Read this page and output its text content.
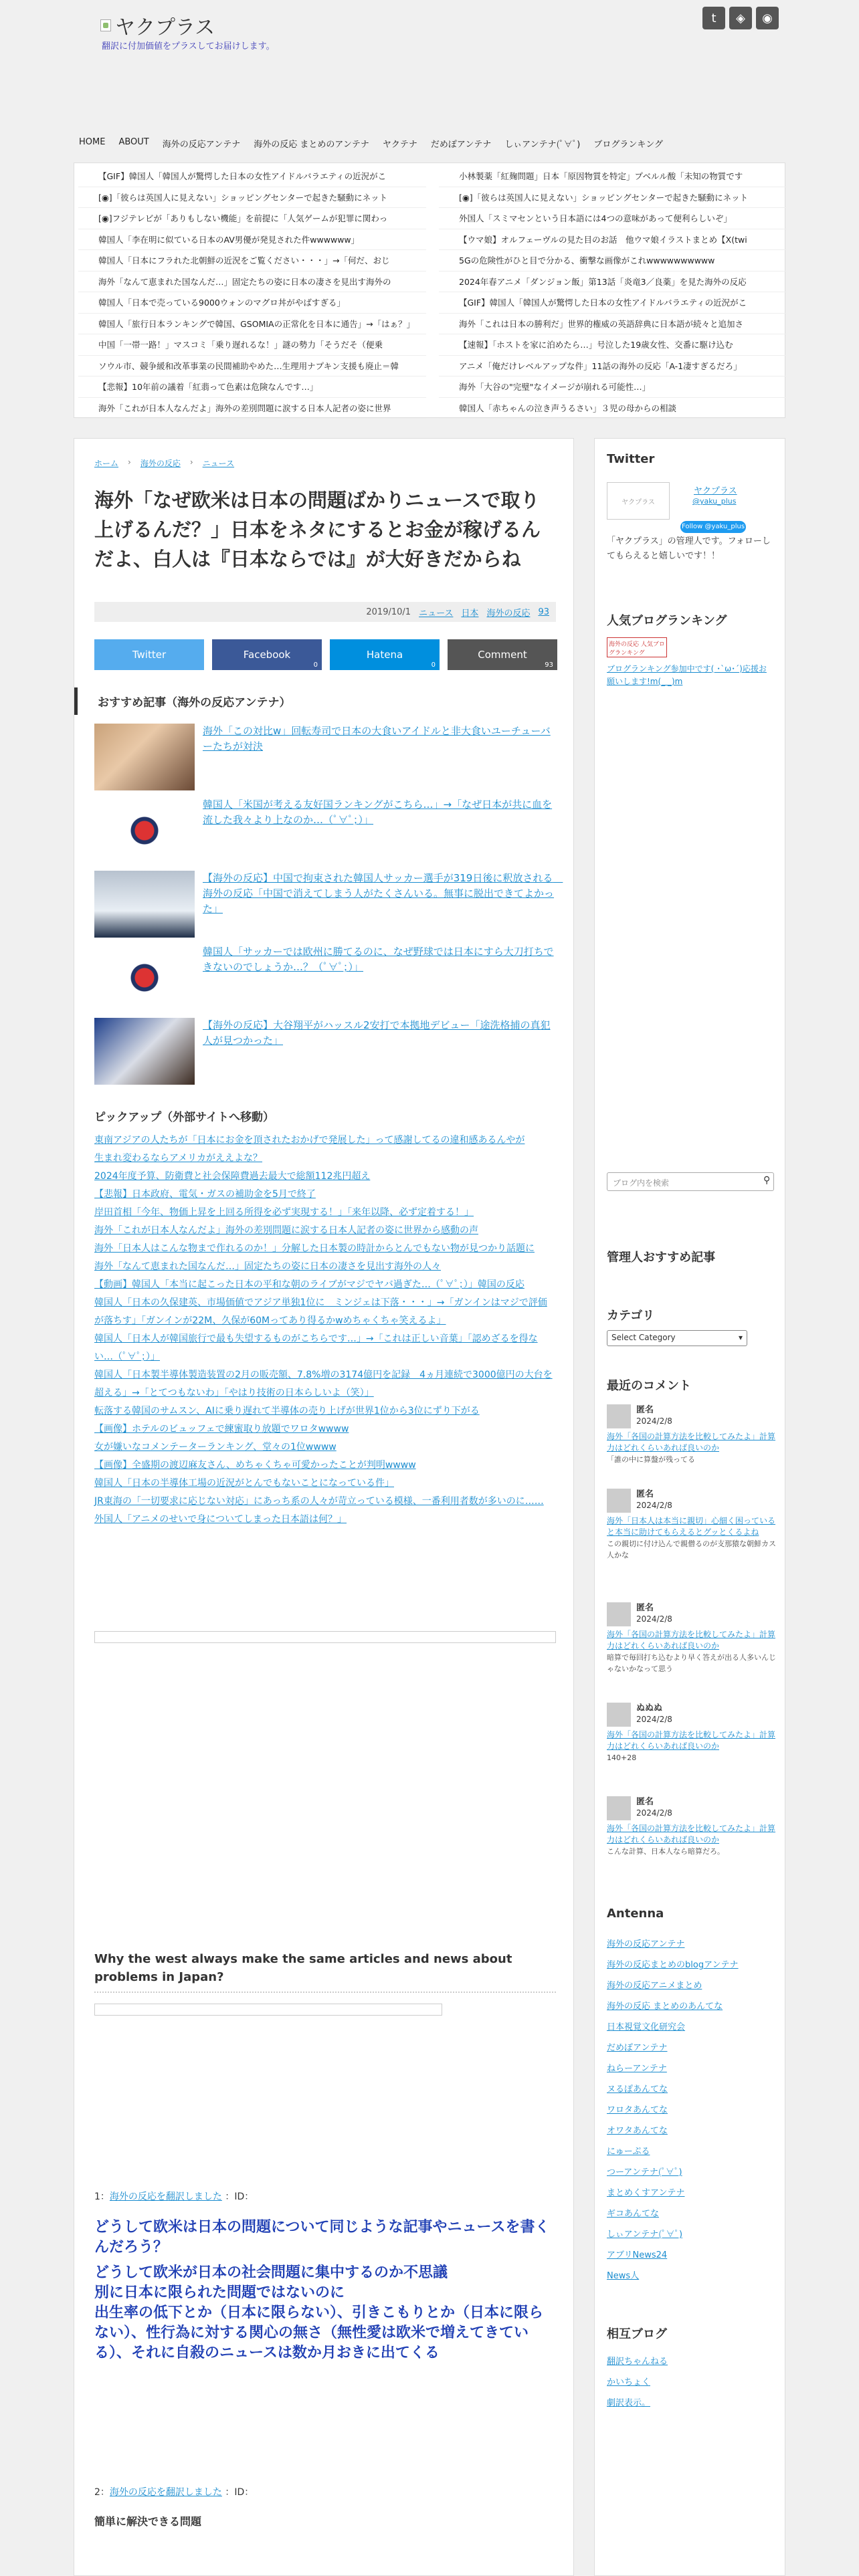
ヤクプラス
翻訳に付加価値をプラスしてお届けします。
t	◈	◉
HOME ABOUT 海外の反応アンテナ 海外の反応 まとめのアンテナ ヤクテナ だめぽアンテナ しぃアンテナ(ﾟ∀ﾟ) ブログランキング
【GIF】韓国人「韓国人が驚愕した日本の女性アイドルバラエティの近況がこ
[◉]「彼らは英国人に見えない」ショッピングセンターで起きた騒動にネット
[◉]フジテレビが「ありもしない機能」を前提に「人気ゲームが犯罪に関わっ
韓国人「李在明に似ている日本のAV男優が発見された件wwwwww」
韓国人「日本にフラれた北朝鮮の近況をご覧ください・・・」→「何だ、おじ
海外「なんて恵まれた国なんだ…」固定たちの姿に日本の凄さを見出す海外の
韓国人「日本で売っている9000ウォンのマグロ丼がやばすぎる」
韓国人「旅行日本ランキングで韓国、GSOMIAの正常化を日本に通告」→「はぁ？」
中国「一帯一路！」マスコミ「乗り遅れるな！」謎の勢力「そうだそ（便乗
ソウル市、競争緩和改革事業の民間補助やめた…生理用ナプキン支援も廃止＝韓
【悲報】10年前の議着「紅翡って色素は危険なんです…」
海外「これが日本人なんだよ」海外の差別問題に涙する日本人記者の姿に世界
小林製薬「紅麹問題」日本「原因物質を特定」プベルル酸「未知の物質です
[◉]「彼らは英国人に見えない」ショッピングセンターで起きた騒動にネット
外国人「スミマセンという日本語には4つの意味があって便利らしいぞ」
【ウマ娘】オルフェーヴルの見た目のお話　他ウマ娘イラストまとめ【X(twi
5Gの危険性がひと目で分かる、衝撃な画像がこれwwwwwwwwww
2024年春アニメ「ダンジョン飯」第13話「炎竜3／良薬」を見た海外の反応
【GIF】韓国人「韓国人が驚愕した日本の女性アイドルバラエティの近況がこ
海外「これは日本の勝利だ」世界的権威の英語辞典に日本語が続々と追加さ
【速報】「ホストを家に泊めたら…」号泣した19歳女性、交番に駆け込む
アニメ「俺だけレベルアップな件」11話の海外の反応「A-1凄すぎるだろ」
海外「大谷の"完璧"なイメージが崩れる可能性…」
韓国人「赤ちゃんの泣き声うるさい」３児の母からの相談
ホーム › 海外の反応 › ニュース
海外「なぜ欧米は日本の問題ばかりニュースで取り上げるんだ？」日本をネタにするとお金が稼げるんだよ、白人は『日本ならでは』が大好きだからね
2019/10/1 ニュース 日本 海外の反応 93
Twitter	Facebook
0
Hatena
0
Comment
93
おすすめ記事（海外の反応アンテナ）
海外「この対比w」回転寿司で日本の大食いアイドルと非大食いユーチューバーたちが対決
韓国人「米国が考える友好国ランキングがこちら…」→「なぜ日本が共に血を流した我々より上なのか…（ﾟ∀ﾟ；）」
【海外の反応】中国で拘束された韓国人サッカー選手が319日後に釈放される　海外の反応「中国で消えてしまう人がたくさんいる。無事に脱出できてよかった」
韓国人「サッカーでは欧州に勝てるのに、なぜ野球では日本にすら大刀打ちできないのでしょうか…？（ﾟ∀ﾟ；）」
【海外の反応】大谷翔平がハッスル2安打で本拠地デビュー「途洗格捕の真犯人が見つかった」
ピックアップ（外部サイトへ移動）
東南アジアの人たちが「日本にお金を頂されたおかげで発展した」って感謝してるの違和感あるんやが
生まれ変わるならアメリカがええよな？
2024年度予算、防衛費と社会保障費過去最大で総額112兆円超え
【悲報】日本政府、電気・ガスの補助金を5月で終了
岸田首相「今年、物価上昇を上回る所得を必ず実現する！」「来年以降、必ず定着する！」
海外「これが日本人なんだよ」海外の差別問題に涙する日本人記者の姿に世界から感動の声
海外「日本人はこんな物まで作れるのか！」分解した日本製の時計からとんでもない物が見つかり話題に
海外「なんて恵まれた国なんだ…」固定たちの姿に日本の凄さを見出す海外の人々
【動画】韓国人「本当に起こった日本の平和な朝のライブがマジでヤバ過ぎた…（ﾟ∀ﾟ；）」韓国の反応
韓国人「日本の久保建英、市場価値でアジア単独1位に　ミンジェは下落・・・」→「ガンインはマジで評価が落ちす」「ガンインが22M、久保が60Mってあり得るかwめちゃくちゃ笑えるよ」
韓国人「日本人が韓国旅行で最も失望するものがこちらです…」→「これは正しい音葉」「認めざるを得ない…（ﾟ∀ﾟ；）」
韓国人「日本製半導体製造装置の2月の販売額、7.8%増の3174億円を記録　4ヵ月連続で3000億円の大台を超える」→「とてつもないわ」「やはり技術の日本らしいよ（笑）」
転落する韓国のサムスン、AIに乗り遅れて半導体の売り上げが世界1位から3位にずり下がる
【画像】ホテルのビュッフェで練蜜取り放題でワロタwwww
女が嫌いなコメンテーターランキング、堂々の1位wwww
【画像】全盛期の渡辺麻友さん、めちゃくちゃ可愛かったことが判明wwww
韓国人「日本の半導体工場の近況がとんでもないことになっている件」
JR東海の「一切要求に応じない対応」にあっち系の人々が苛立っている模様、一番利用者数が多いのに……
外国人「アニメのせいで身についてしまった日本語は何？」
Why the west always make the same articles and news about problems in Japan?
1：海外の反応を翻訳しました ：ID：
どうして欧米は日本の問題について同じような記事やニュースを書くんだろう？
どうして欧米が日本の社会問題に集中するのか不思議
別に日本に限られた問題ではないのに
出生率の低下とか（日本に限らない）、引きこもりとか（日本に限らない）、性行為に対する関心の無さ（無性愛は欧米で増えてきている）、それに自殺のニュースは数か月おきに出てくる
2：海外の反応を翻訳しました ：ID：
簡単に解決できる問題
Twitter
ヤクプラス
ヤクプラス
@yaku_plus
Follow @yaku_plus
「ヤクプラス」の管理人です。フォローしてもらえると嬉しいです！！
人気ブログランキング
海外の反応 人気ブログランキング
ブログランキング参加中です( ･`ω･´)応援お願いします!m(_ _)m
ブログ内を検索	⚲
管理人おすすめ記事
カテゴリ
Select Category	▾
最近のコメント
匿名
2024/2/8
海外「各国の計算方法を比較してみたよ」計算力はどれくらいあれば良いのか
「誰の中に算盤が残ってる
匿名
2024/2/8
海外「日本人は本当に親切」心細く困っていると本当に助けてもらえるとグッとくるよね
この親切に付け込んで親僧るのが支那猿な朝鮮カス人かな
匿名
2024/2/8
海外「各国の計算方法を比較してみたよ」計算力はどれくらいあれば良いのか
暗算で毎回打ち込むより早く答えが出る人多いんじゃないかなって思う
ぬぬぬ
2024/2/8
海外「各国の計算方法を比較してみたよ」計算力はどれくらいあれば良いのか
140+28
匿名
2024/2/8
海外「各国の計算方法を比較してみたよ」計算力はどれくらいあれば良いのか
こんな計算、日本人なら暗算だろ。
Antenna
海外の反応アンテナ
海外の反応まとめのblogアンテナ
海外の反応アニメまとめ
海外の反応 まとめのあんてな
日本視覚文化研究会
だめぽアンテナ
ねらーアンテナ
ヌるぽあんてな
ワロタあんてな
オワタあんてな
にゅーぷる
つーアンテナ(ﾟ∀ﾟ)
まとめくすアンテナ
ギコあんてな
しぃアンテナ(ﾟ∀ﾟ)
アブリNews24
News人
相互ブログ
翻訳ちゃんねる
かいちょく
劇訳表示。
